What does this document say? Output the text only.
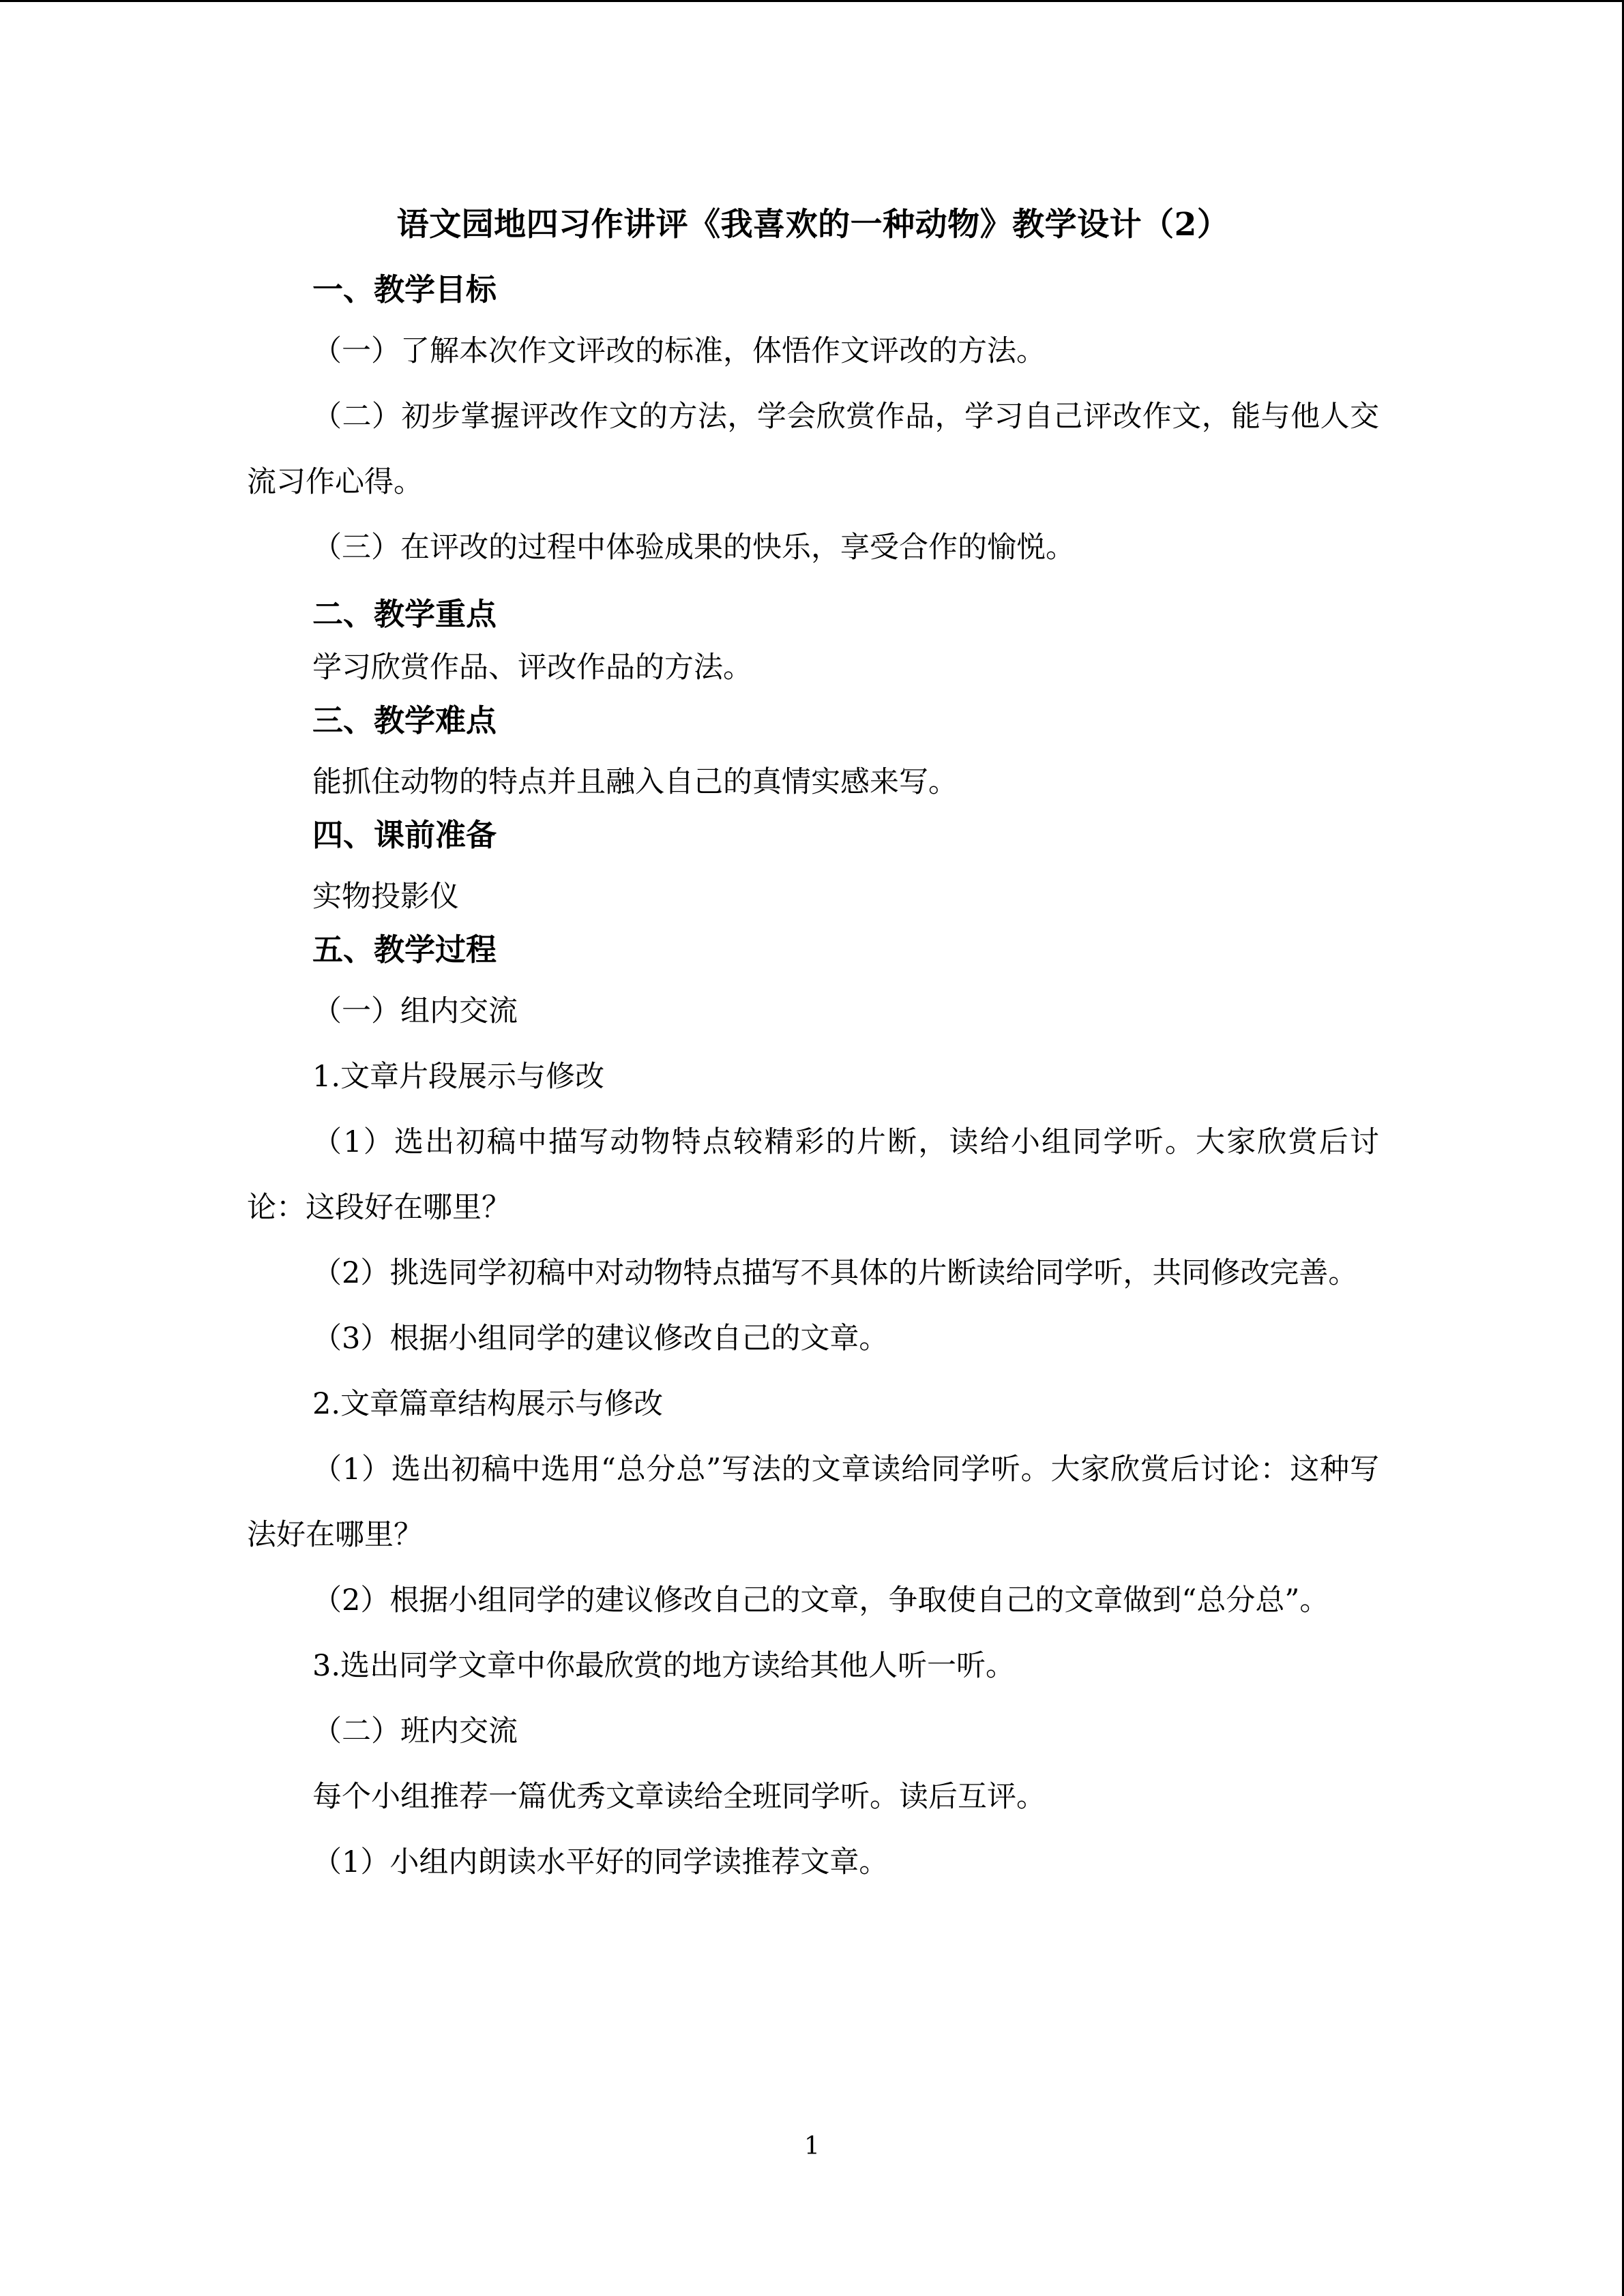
语文园地四习作讲评《我喜欢的一种动物》教学设计（2）
一、教学目标

（一）了解本次作文评改的标准，体悟作文评改的方法。

（二）初步掌握评改作文的方法，学会欣赏作品，学习自己评改作文，能与他人交流习作心得。

（三）在评改的过程中体验成果的快乐，享受合作的愉悦。

二、教学重点

学习欣赏作品、评改作品的方法。

三、教学难点

能抓住动物的特点并且融入自己的真情实感来写。

四、课前准备

实物投影仪

五、教学过程

（一）组内交流

1.文章片段展示与修改

（1）选出初稿中描写动物特点较精彩的片断，读给小组同学听。大家欣赏后讨论：这段好在哪里？

（2）挑选同学初稿中对动物特点描写不具体的片断读给同学听，共同修改完善。

（3）根据小组同学的建议修改自己的文章。

2.文章篇章结构展示与修改

（1）选出初稿中选用“总分总”写法的文章读给同学听。大家欣赏后讨论：这种写法好在哪里？

（2）根据小组同学的建议修改自己的文章，争取使自己的文章做到“总分总”。

3.选出同学文章中你最欣赏的地方读给其他人听一听。

（二）班内交流

每个小组推荐一篇优秀文章读给全班同学听。读后互评。

（1）小组内朗读水平好的同学读推荐文章。

1
